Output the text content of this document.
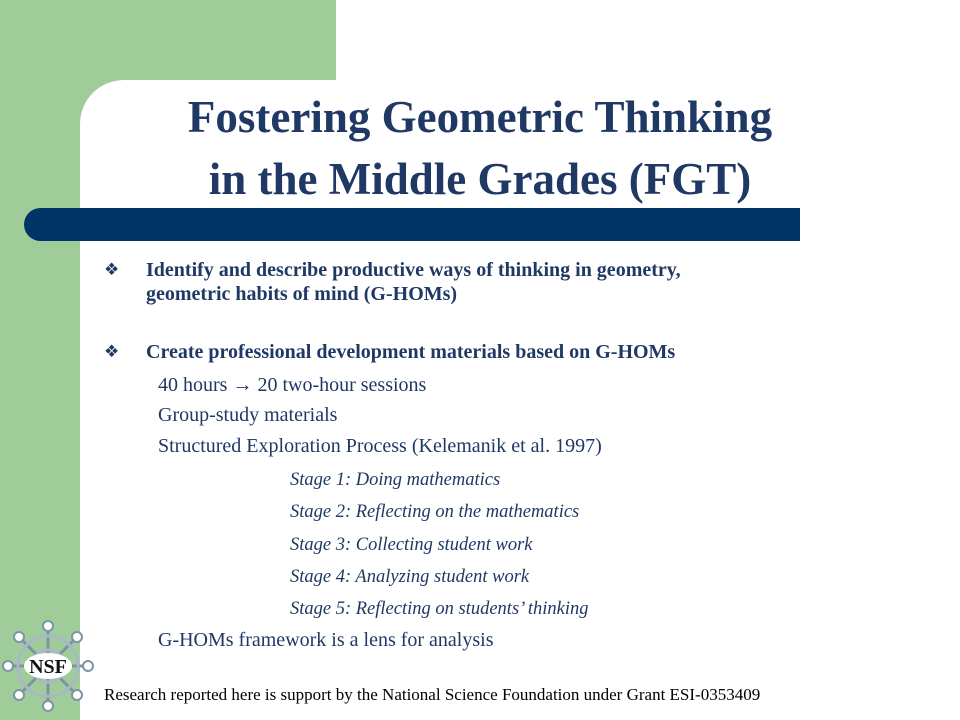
Fostering Geometric Thinking
in the Middle Grades (FGT)
❖ Identify and describe productive ways of thinking in geometry,
geometric habits of mind (G-HOMs)

❖ Create professional development materials based on G-HOMs

40 hours → 20 two-hour sessions

Group-study materials

Structured Exploration Process (Kelemanik et al. 1997)

Stage 1: Doing mathematics

Stage 2: Reflecting on the mathematics

Stage 3: Collecting student work

Stage 4: Analyzing student work

Stage 5: Reflecting on students’ thinking

G-HOMs framework is a lens for analysis

NSF

Research reported here is support by the National Science Foundation under Grant ESI-0353409
